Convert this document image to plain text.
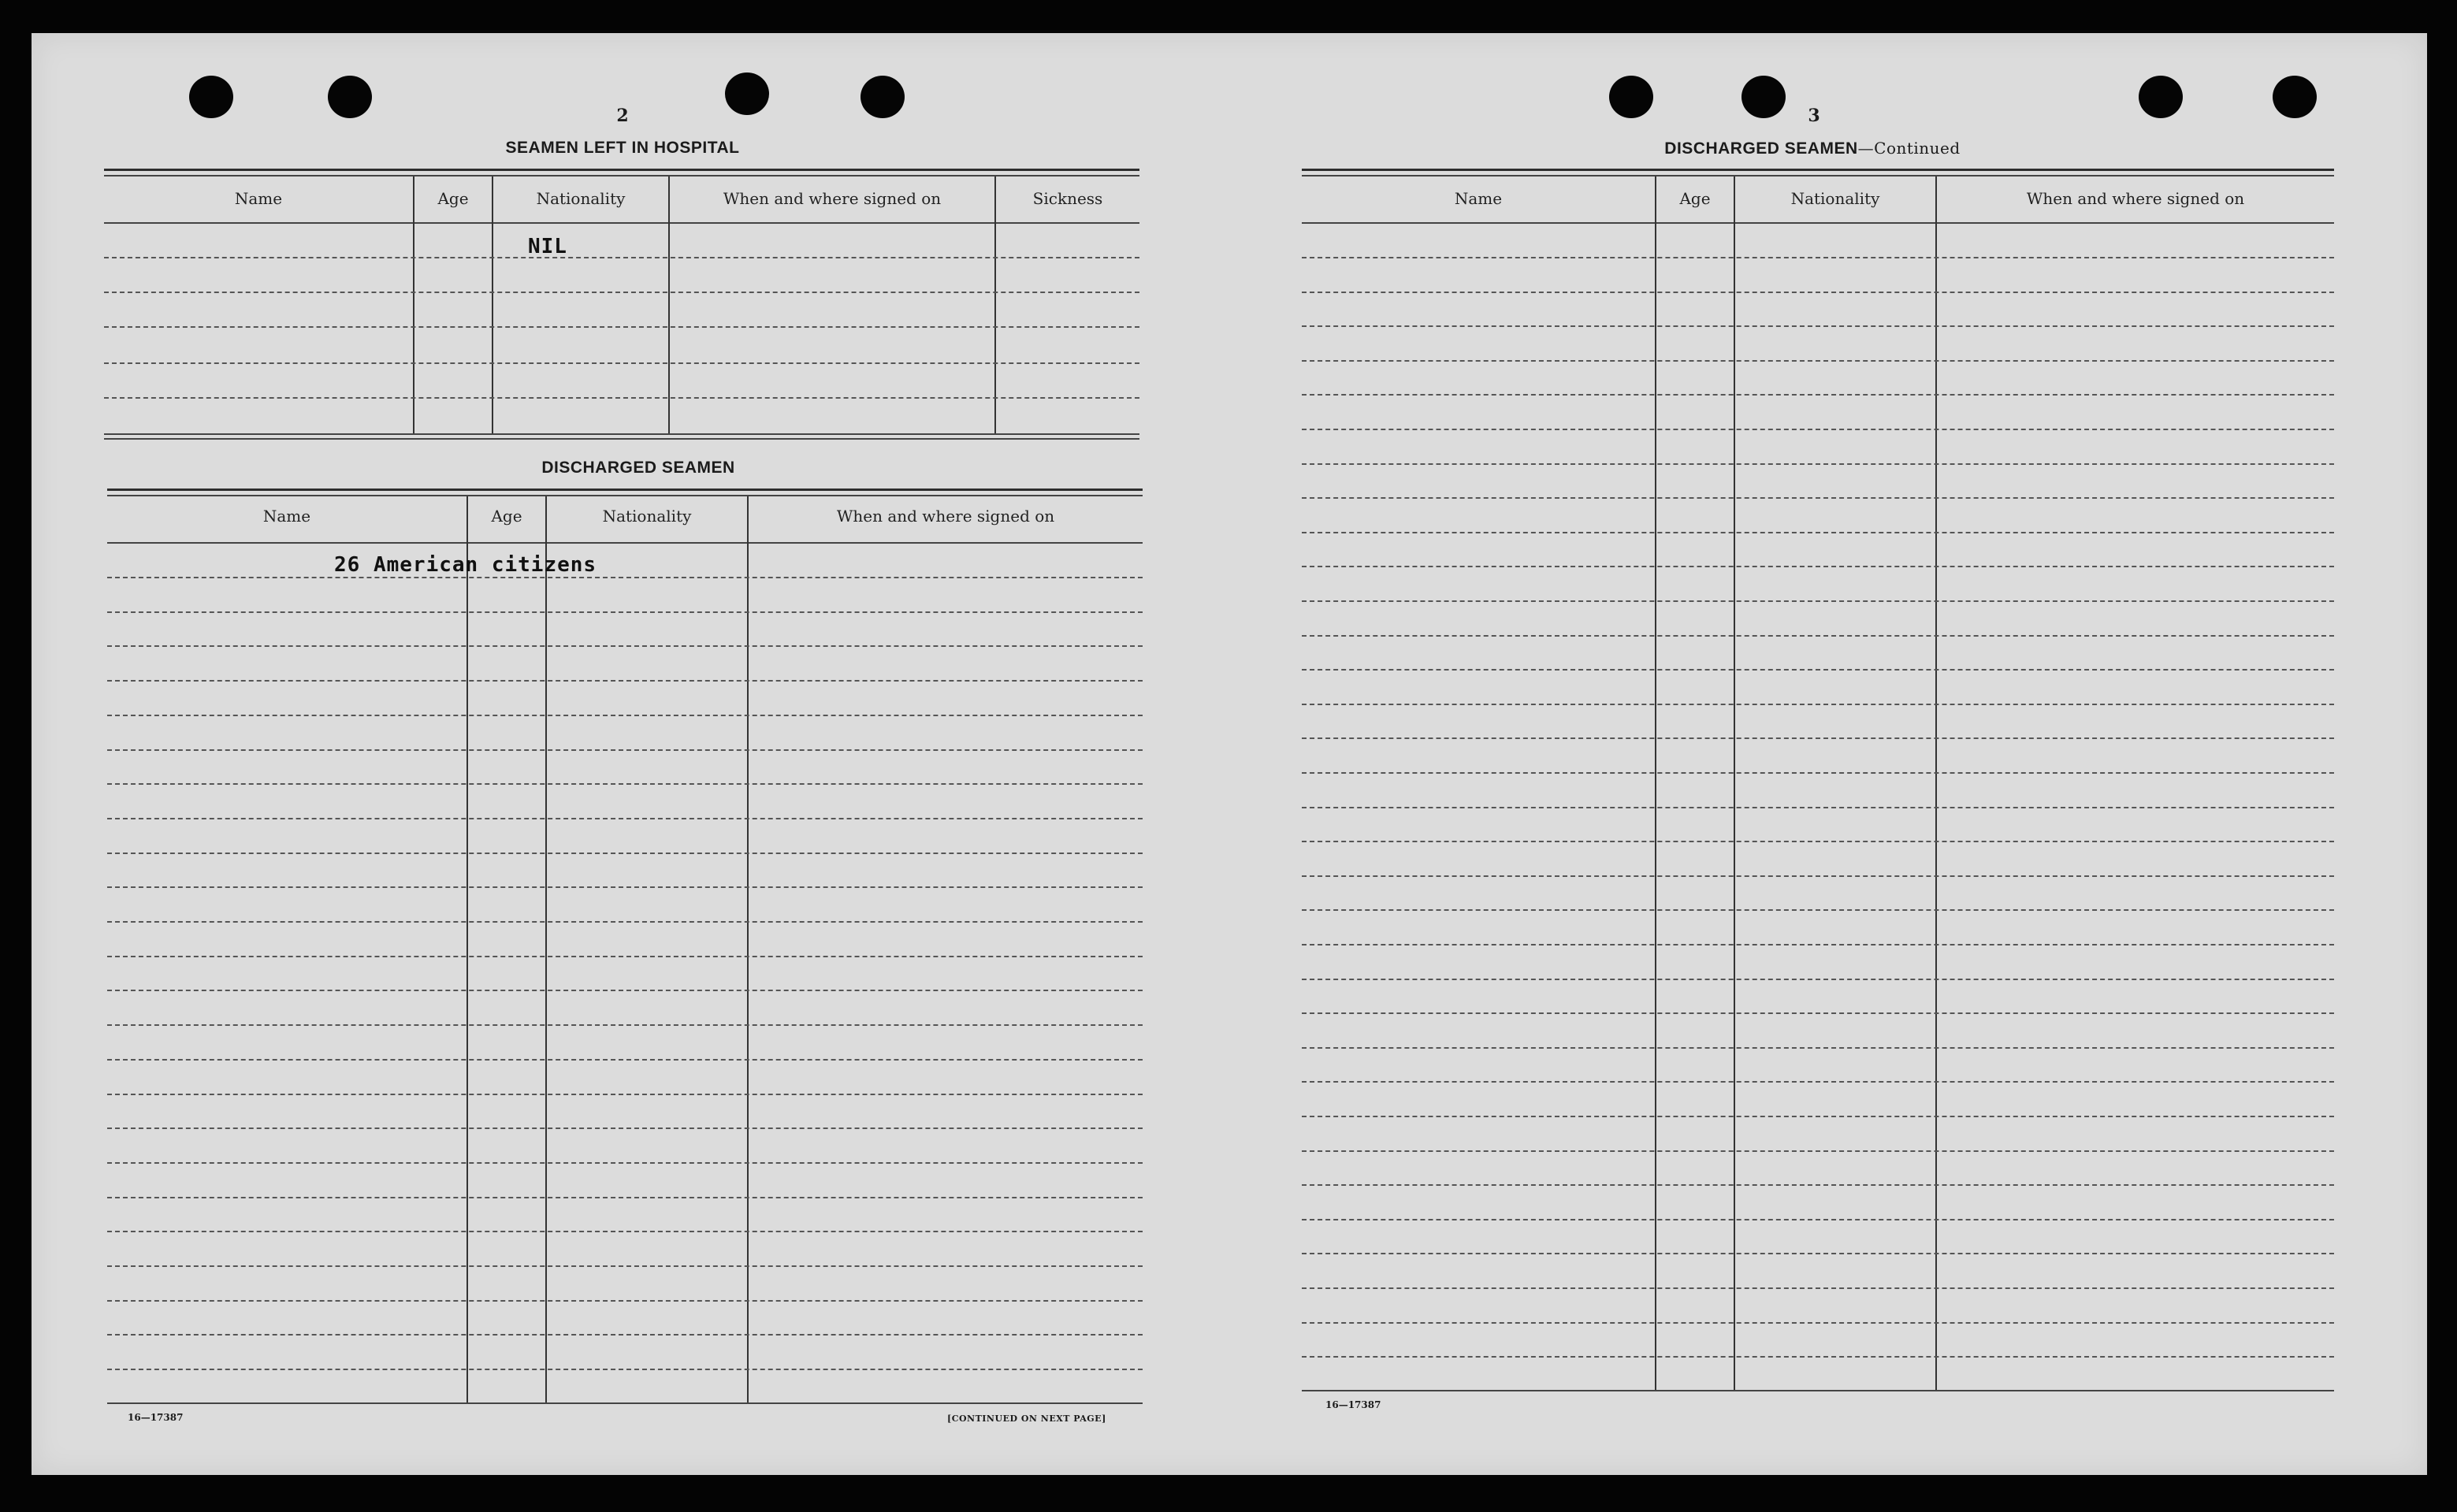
2
SEAMEN LEFT IN HOSPITAL
Name	Age	Nationality	When and where signed on	Sickness
NIL
DISCHARGED SEAMEN
Name	Age	Nationality	When and where signed on
26 American citizens
16—17387	[CONTINUED ON NEXT PAGE]
3
DISCHARGED SEAMEN—Continued
Name	Age	Nationality	When and where signed on
16—17387
